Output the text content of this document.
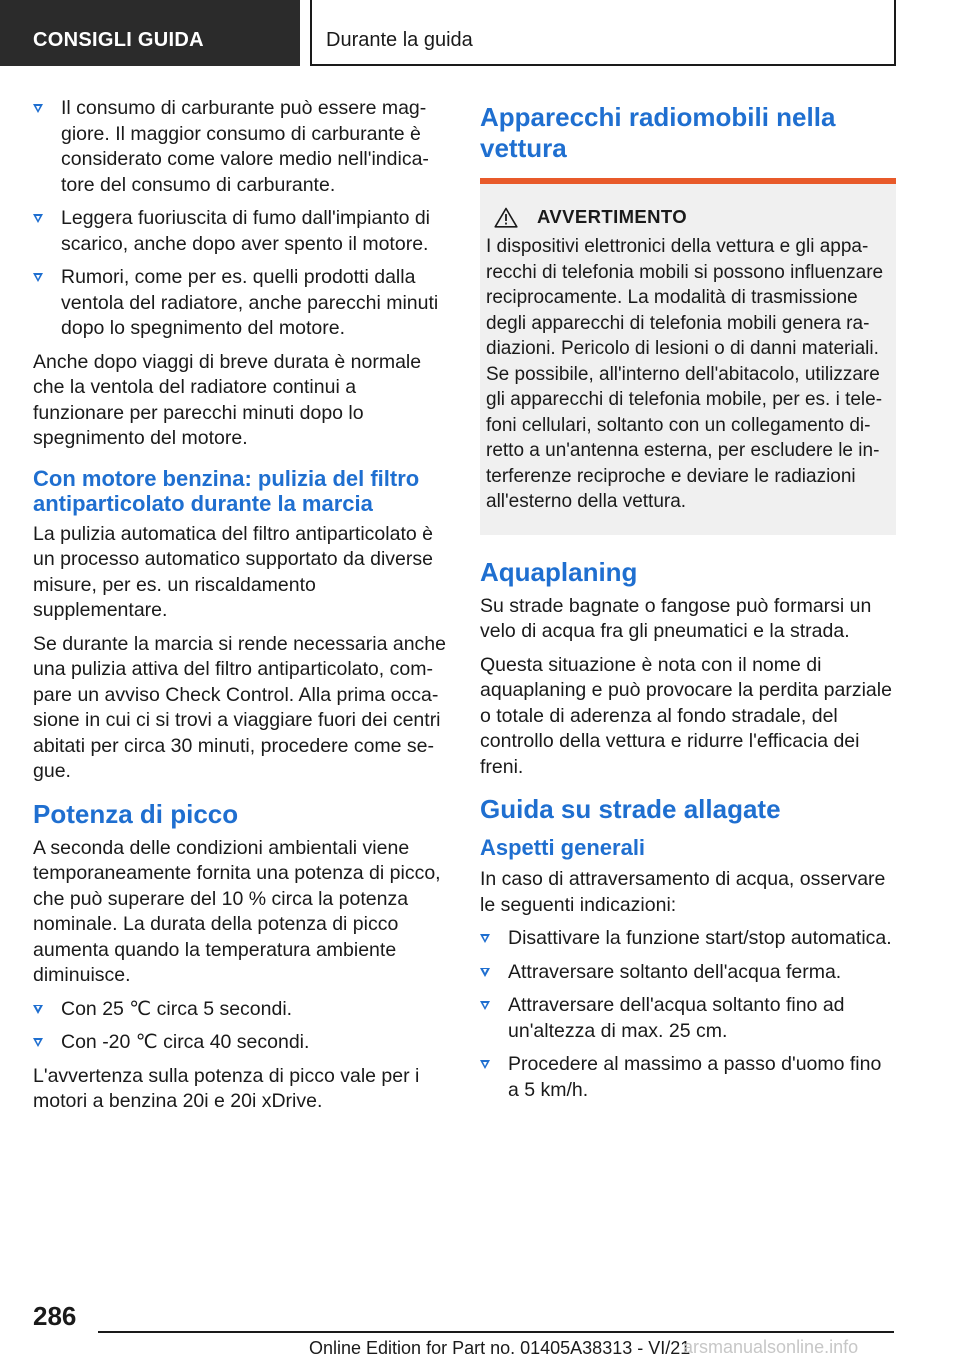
CONSIGLI GUIDA	Durante la guida
Il consumo di carburante può essere maggiore. Il maggior consumo di carburante è considerato come valore medio nell'indicatore del consumo di carburante.
Leggera fuoriuscita di fumo dall'impianto di scarico, anche dopo aver spento il motore.
Rumori, come per es. quelli prodotti dalla ventola del radiatore, anche parecchi minuti dopo lo spegnimento del motore.

Anche dopo viaggi di breve durata è normale che la ventola del radiatore continui a funzionare per parecchi minuti dopo lo spegnimento del motore.

Con motore benzina: pulizia del filtro antiparticolato durante la marcia

La pulizia automatica del filtro antiparticolato è un processo automatico supportato da diverse misure, per es. un riscaldamento supplementare.

Se durante la marcia si rende necessaria anche una pulizia attiva del filtro antiparticolato, compare un avviso Check Control. Alla prima occasione in cui ci si trovi a viaggiare fuori dei centri abitati per circa 30 minuti, procedere come segue.

Potenza di picco

A seconda delle condizioni ambientali viene temporaneamente fornita una potenza di picco, che può superare del 10 % circa la potenza nominale. La durata della potenza di picco aumenta quando la temperatura ambiente diminuisce.

Con 25 ℃ circa 5 secondi.
Con -20 ℃ circa 40 secondi.

L'avvertenza sulla potenza di picco vale per i motori a benzina 20i e 20i xDrive.

Apparecchi radiomobili nella vettura
AVVERTIMENTO

I dispositivi elettronici della vettura e gli apparecchi di telefonia mobili si possono influenzare reciprocamente. La modalità di trasmissione degli apparecchi di telefonia mobili genera radiazioni. Pericolo di lesioni o di danni materiali. Se possibile, all'interno dell'abitacolo, utilizzare gli apparecchi di telefonia mobile, per es. i telefoni cellulari, soltanto con un collegamento diretto a un'antenna esterna, per escludere le interferenze reciproche e deviare le radiazioni all'esterno della vettura.

Aquaplaning

Su strade bagnate o fangose può formarsi un velo di acqua fra gli pneumatici e la strada.

Questa situazione è nota con il nome di aquaplaning e può provocare la perdita parziale o totale di aderenza al fondo stradale, del controllo della vettura e ridurre l'efficacia dei freni.

Guida su strade allagate
Aspetti generali

In caso di attraversamento di acqua, osservare le seguenti indicazioni:

Disattivare la funzione start/stop automatica.
Attraversare soltanto dell'acqua ferma.
Attraversare dell'acqua soltanto fino ad un'altezza di max. 25 cm.
Procedere al massimo a passo d'uomo fino a 5 km/h.
286
Online Edition for Part no. 01405A38313 - VI/21
arsmanualsonline.info
